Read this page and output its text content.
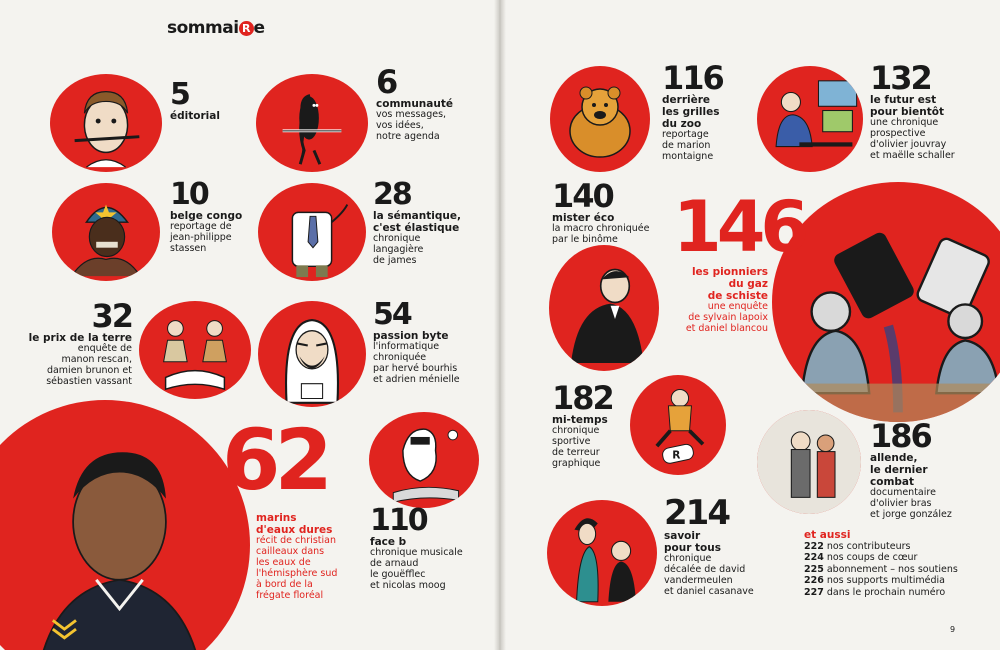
sommai R e
R
5
éditorial
6
communauté
vos messages,
vos idées,
notre agenda
10
belge congo
reportage de
jean-philippe
stassen
28
la sémantique,
c'est élastique
chronique
langagière
de james
32
le prix de la terre
enquête de
manon rescan,
damien brunon et
sébastien vassant
54
passion byte
l'informatique
chroniquée
par hervé bourhis
et adrien ménielle
62
marins
d'eaux dures
récit de christian
cailleaux dans
les eaux de
l'hémisphère sud
à bord de la
frégate floréal
110
face b
chronique musicale
de arnaud
le gouëfflec
et nicolas moog
116
derrière
les grilles
du zoo
reportage
de marion
montaigne
132
le futur est
pour bientôt
une chronique
prospective
d'olivier jouvray
et maëlle schaller
140
mister éco
la macro chroniquée
par le binôme 146
les pionniers
du gaz
de schiste
une enquête
de sylvain lapoix
et daniel blancou
182
mi-temps
chronique
sportive
de terreur
graphique
186
allende,
le dernier
combat
documentaire
d'olivier bras
et jorge gonzález
214
savoir
pour tous
chronique
décalée de david
vandermeulen
et daniel casanave
et aussi
222 nos contributeurs
224 nos coups de cœur
225 abonnement – nos soutiens
226 nos supports multimédia
227 dans le prochain numéro
9
